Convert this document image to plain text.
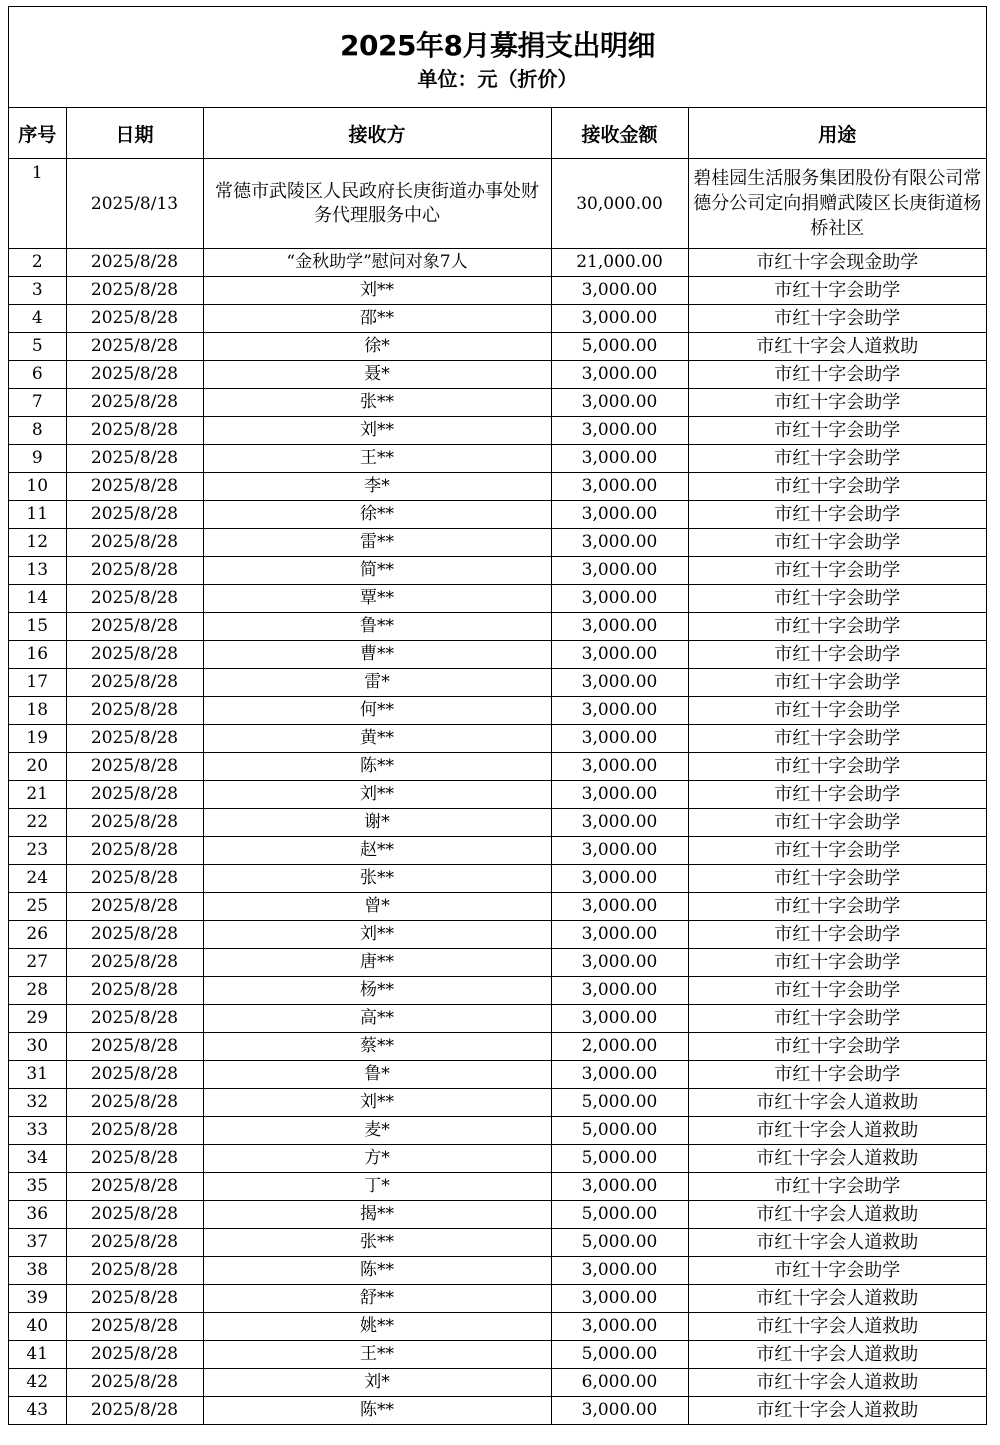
2025年8月募捐支出明细
单位：元（折价）
序号	日期	接收方	接收金额	用途
1	2025/8/13	常德市武陵区人民政府长庚街道办事处财务代理服务中心	30,000.00	碧桂园生活服务集团股份有限公司常德分公司定向捐赠武陵区长庚街道杨桥社区
2	2025/8/28	“金秋助学”慰问对象7人	21,000.00	市红十字会现金助学
3	2025/8/28	刘**	3,000.00	市红十字会助学
4	2025/8/28	邵**	3,000.00	市红十字会助学
5	2025/8/28	徐*	5,000.00	市红十字会人道救助
6	2025/8/28	聂*	3,000.00	市红十字会助学
7	2025/8/28	张**	3,000.00	市红十字会助学
8	2025/8/28	刘**	3,000.00	市红十字会助学
9	2025/8/28	王**	3,000.00	市红十字会助学
10	2025/8/28	李*	3,000.00	市红十字会助学
11	2025/8/28	徐**	3,000.00	市红十字会助学
12	2025/8/28	雷**	3,000.00	市红十字会助学
13	2025/8/28	简**	3,000.00	市红十字会助学
14	2025/8/28	覃**	3,000.00	市红十字会助学
15	2025/8/28	鲁**	3,000.00	市红十字会助学
16	2025/8/28	曹**	3,000.00	市红十字会助学
17	2025/8/28	雷*	3,000.00	市红十字会助学
18	2025/8/28	何**	3,000.00	市红十字会助学
19	2025/8/28	黄**	3,000.00	市红十字会助学
20	2025/8/28	陈**	3,000.00	市红十字会助学
21	2025/8/28	刘**	3,000.00	市红十字会助学
22	2025/8/28	谢*	3,000.00	市红十字会助学
23	2025/8/28	赵**	3,000.00	市红十字会助学
24	2025/8/28	张**	3,000.00	市红十字会助学
25	2025/8/28	曾*	3,000.00	市红十字会助学
26	2025/8/28	刘**	3,000.00	市红十字会助学
27	2025/8/28	唐**	3,000.00	市红十字会助学
28	2025/8/28	杨**	3,000.00	市红十字会助学
29	2025/8/28	高**	3,000.00	市红十字会助学
30	2025/8/28	蔡**	2,000.00	市红十字会助学
31	2025/8/28	鲁*	3,000.00	市红十字会助学
32	2025/8/28	刘**	5,000.00	市红十字会人道救助
33	2025/8/28	麦*	5,000.00	市红十字会人道救助
34	2025/8/28	方*	5,000.00	市红十字会人道救助
35	2025/8/28	丁*	3,000.00	市红十字会助学
36	2025/8/28	揭**	5,000.00	市红十字会人道救助
37	2025/8/28	张**	5,000.00	市红十字会人道救助
38	2025/8/28	陈**	3,000.00	市红十字会助学
39	2025/8/28	舒**	3,000.00	市红十字会人道救助
40	2025/8/28	姚**	3,000.00	市红十字会人道救助
41	2025/8/28	王**	5,000.00	市红十字会人道救助
42	2025/8/28	刘*	6,000.00	市红十字会人道救助
43	2025/8/28	陈**	3,000.00	市红十字会人道救助
